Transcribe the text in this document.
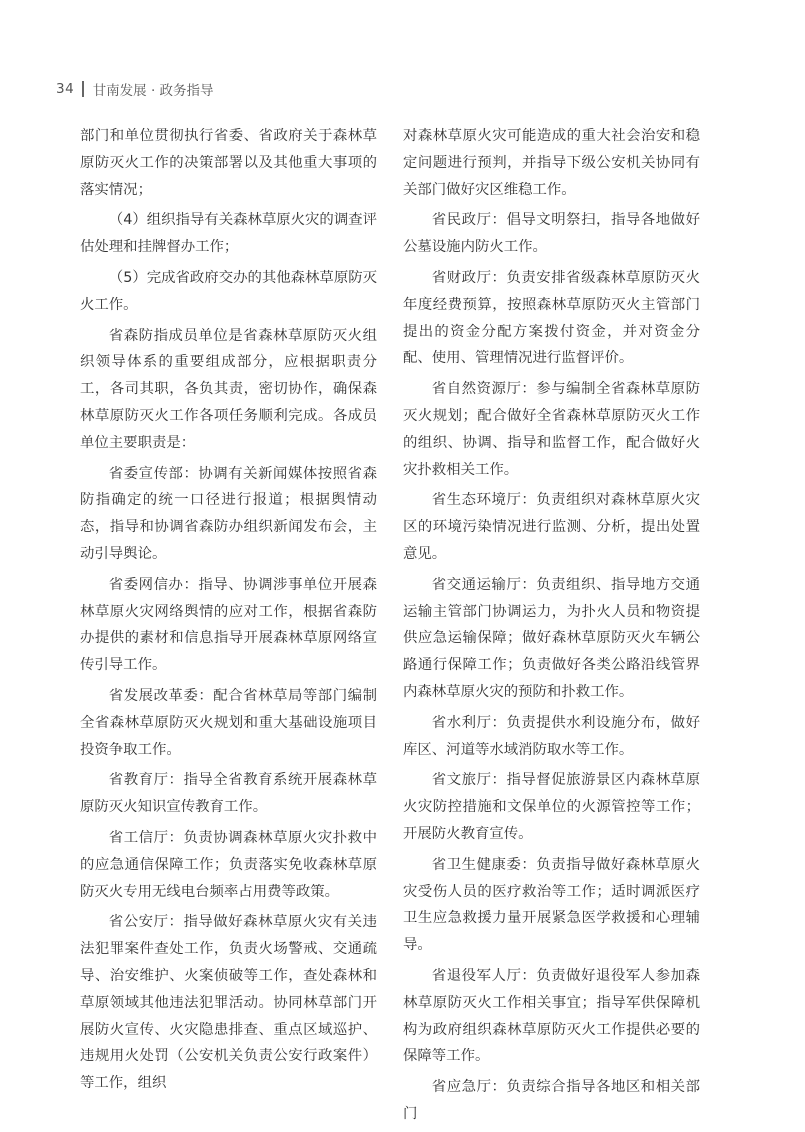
34 甘南发展 · 政务指导

部门和单位贯彻执行省委、省政府关于森林草原防灭火工作的决策部署以及其他重大事项的落实情况；

（4）组织指导有关森林草原火灾的调查评估处理和挂牌督办工作；

（5）完成省政府交办的其他森林草原防灭火工作。

省森防指成员单位是省森林草原防灭火组织领导体系的重要组成部分，应根据职责分工，各司其职，各负其责，密切协作，确保森林草原防灭火工作各项任务顺利完成。各成员单位主要职责是：

省委宣传部：协调有关新闻媒体按照省森防指确定的统一口径进行报道；根据舆情动态，指导和协调省森防办组织新闻发布会，主动引导舆论。

省委网信办：指导、协调涉事单位开展森林草原火灾网络舆情的应对工作，根据省森防办提供的素材和信息指导开展森林草原网络宣传引导工作。

省发展改革委：配合省林草局等部门编制全省森林草原防灭火规划和重大基础设施项目投资争取工作。

省教育厅：指导全省教育系统开展森林草原防灭火知识宣传教育工作。

省工信厅：负责协调森林草原火灾扑救中的应急通信保障工作；负责落实免收森林草原防灭火专用无线电台频率占用费等政策。

省公安厅：指导做好森林草原火灾有关违法犯罪案件查处工作，负责火场警戒、交通疏导、治安维护、火案侦破等工作，查处森林和草原领域其他违法犯罪活动。协同林草部门开展防火宣传、火灾隐患排查、重点区域巡护、违规用火处罚（公安机关负责公安行政案件）等工作，组织

对森林草原火灾可能造成的重大社会治安和稳定问题进行预判，并指导下级公安机关协同有关部门做好灾区维稳工作。

省民政厅：倡导文明祭扫，指导各地做好公墓设施内防火工作。

省财政厅：负责安排省级森林草原防灭火年度经费预算，按照森林草原防灭火主管部门提出的资金分配方案拨付资金，并对资金分配、使用、管理情况进行监督评价。

省自然资源厅：参与编制全省森林草原防灭火规划；配合做好全省森林草原防灭火工作的组织、协调、指导和监督工作，配合做好火灾扑救相关工作。

省生态环境厅：负责组织对森林草原火灾区的环境污染情况进行监测、分析，提出处置意见。

省交通运输厅：负责组织、指导地方交通运输主管部门协调运力，为扑火人员和物资提供应急运输保障；做好森林草原防灭火车辆公路通行保障工作；负责做好各类公路沿线管界内森林草原火灾的预防和扑救工作。

省水利厅：负责提供水利设施分布，做好库区、河道等水域消防取水等工作。

省文旅厅：指导督促旅游景区内森林草原火灾防控措施和文保单位的火源管控等工作；开展防火教育宣传。

省卫生健康委：负责指导做好森林草原火灾受伤人员的医疗救治等工作；适时调派医疗卫生应急救援力量开展紧急医学救援和心理辅导。

省退役军人厅：负责做好退役军人参加森林草原防灭火工作相关事宜；指导军供保障机构为政府组织森林草原防灭火工作提供必要的保障等工作。

省应急厅：负责综合指导各地区和相关部门
